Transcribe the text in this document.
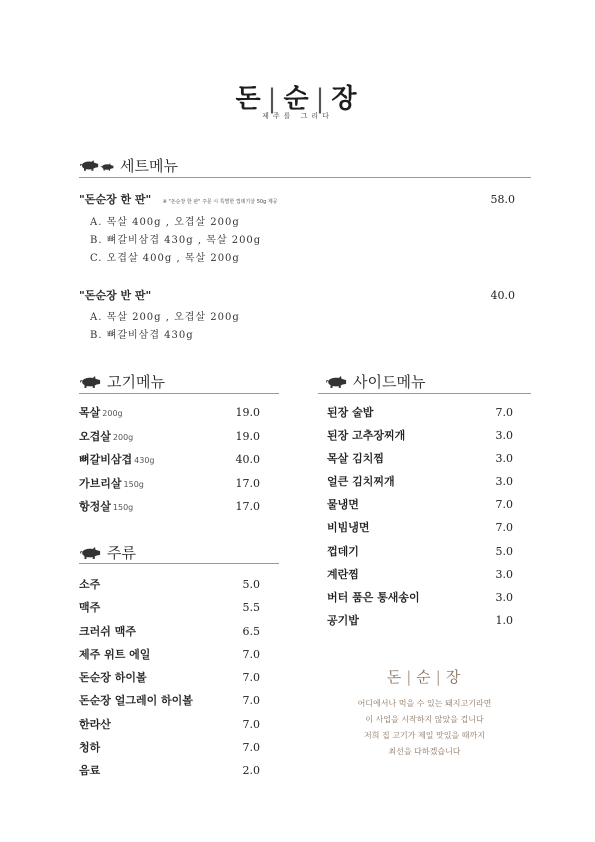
돈 | 순 | 장
제주를 그리다
세트메뉴
"돈순장 한 판" ※ "돈순장 한 판" 주문 시 특별한 껍데기살 50g 제공	58.0
A. 목살 400g , 오겹살 200g
B. 뼈갈비삼겹 430g , 목살 200g
C. 오겹살 400g , 목살 200g
"돈순장 반 판"	40.0
A. 목살 200g , 오겹살 200g
B. 뼈갈비삼겹 430g
고기메뉴
목살 200g	19.0
오겹살 200g	19.0
뼈갈비삼겹 430g	40.0
가브리살 150g	17.0
항정살 150g	17.0
주류
소주	5.0
맥주	5.5
크러쉬 맥주	6.5
제주 위트 에일	7.0
돈순장 하이볼	7.0
돈순장 얼그레이 하이볼	7.0
한라산	7.0
청하	7.0
음료	2.0
사이드메뉴
된장 술밥	7.0
된장 고추장찌개	3.0
목살 김치찜	3.0
얼큰 김치찌개	3.0
물냉면	7.0
비빔냉면	7.0
껍데기	5.0
계란찜	3.0
버터 품은 통새송이	3.0
공기밥	1.0
돈 | 순 | 장
어디에서나 먹을 수 있는 돼지고기라면
이 사업을 시작하지 않았을 겁니다
저희 집 고기가 제일 맛있을 때까지
최선을 다하겠습니다
